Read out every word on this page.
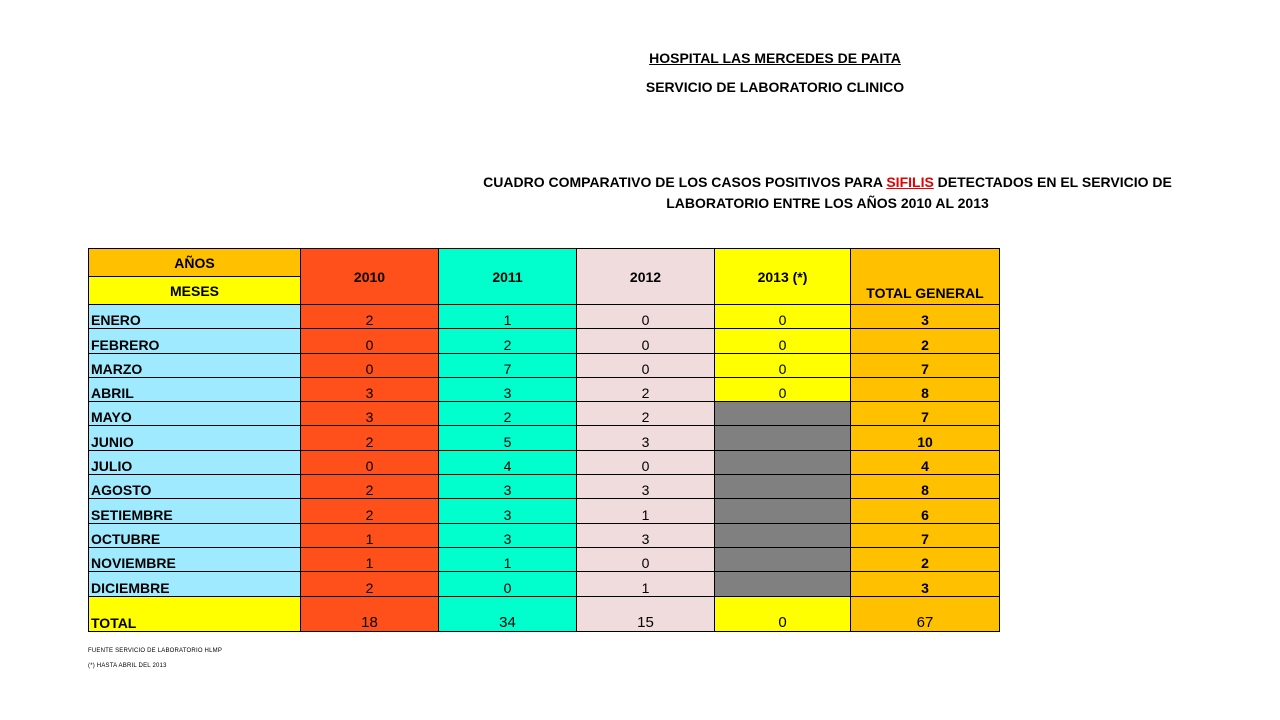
HOSPITAL LAS MERCEDES DE PAITA
SERVICIO DE LABORATORIO CLINICO
CUADRO COMPARATIVO DE LOS CASOS POSITIVOS PARA SIFILIS DETECTADOS EN EL SERVICIO DE LABORATORIO ENTRE LOS AÑOS 2010 AL 2013
AÑOS	2010	2011	2012	2013 (*)	TOTAL GENERAL
MESES					
ENERO	2	1	0	0	3
FEBRERO	0	2	0	0	2
MARZO	0	7	0	0	7
ABRIL	3	3	2	0	8
MAYO	3	2	2		7
JUNIO	2	5	3		10
JULIO	0	4	0		4
AGOSTO	2	3	3		8
SETIEMBRE	2	3	1		6
OCTUBRE	1	3	3		7
NOVIEMBRE	1	1	0		2
DICIEMBRE	2	0	1		3
TOTAL	18	34	15	0	67
FUENTE SERVICIO DE LABORATORIO HLMP
(*) HASTA ABRIL DEL 2013
